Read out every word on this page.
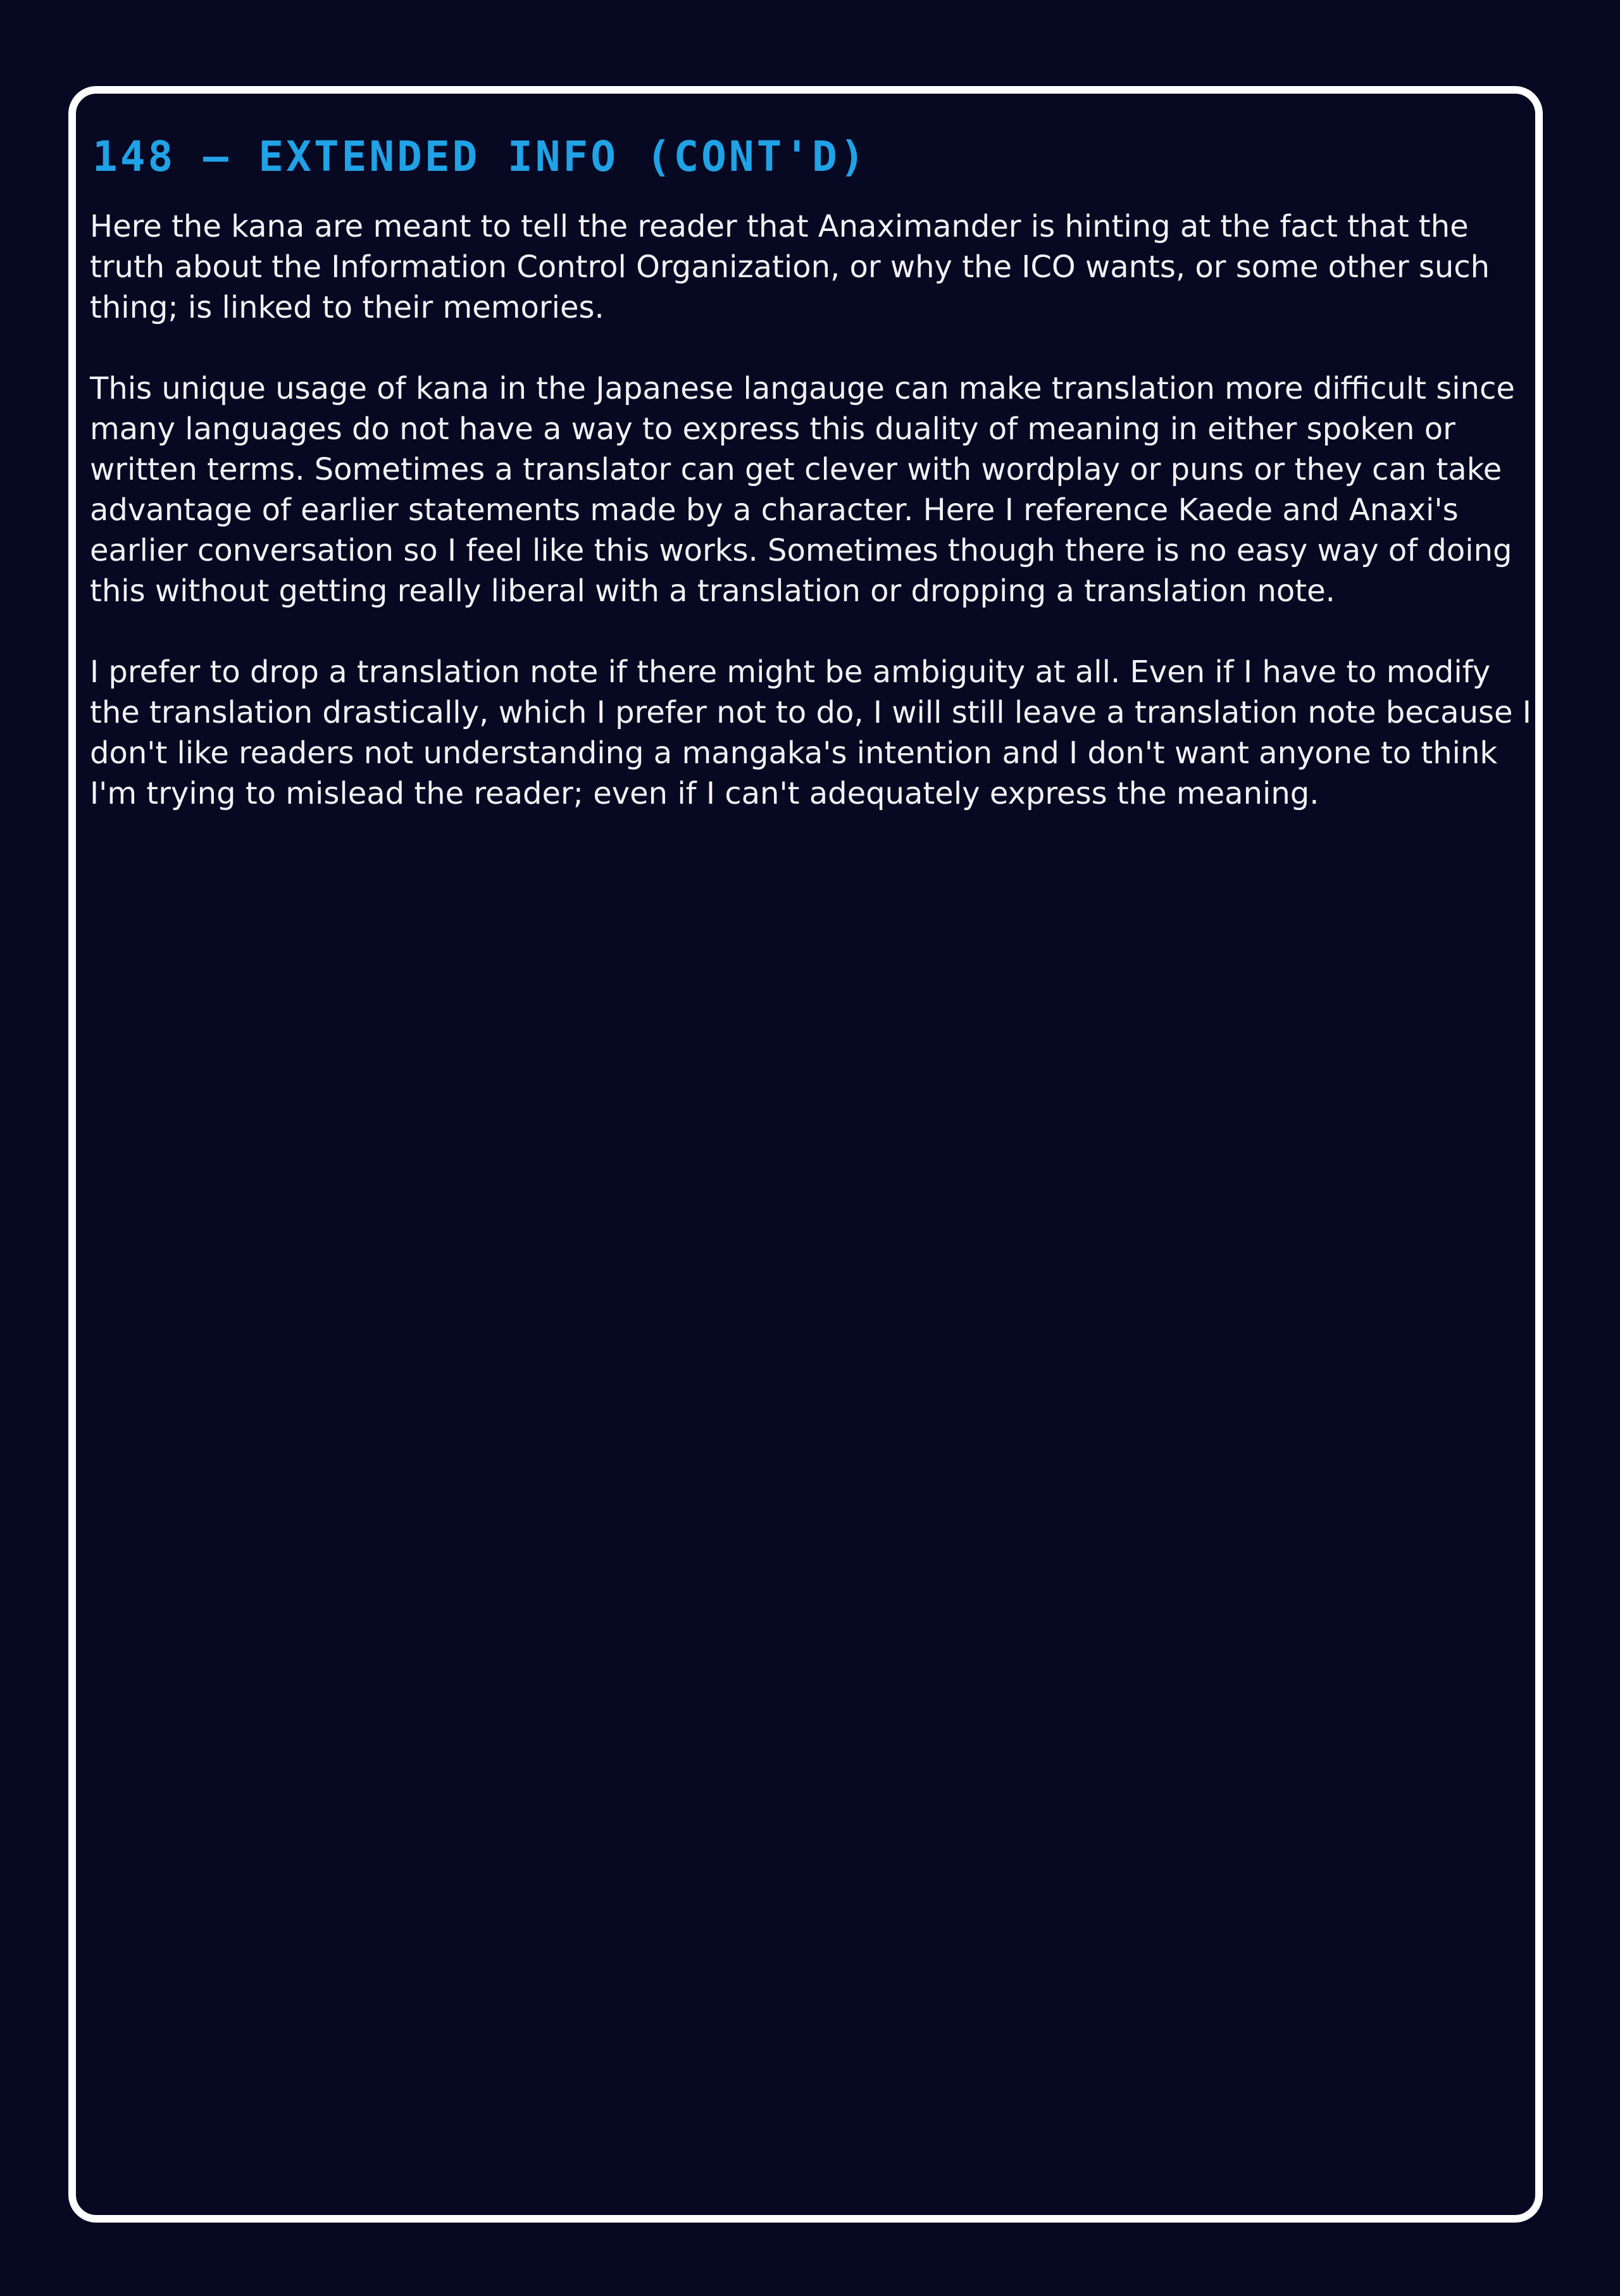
148 – EXTENDED INFO (CONT'D)

Here the kana are meant to tell the reader that Anaximander is hinting at the fact that the truth about the Information Control Organization, or why the ICO wants, or some other such thing; is linked to their memories.

This unique usage of kana in the Japanese langauge can make translation more difficult since many languages do not have a way to express this duality of meaning in either spoken or written terms. Sometimes a translator can get clever with wordplay or puns or they can take advantage of earlier statements made by a character. Here I reference Kaede and Anaxi's earlier conversation so I feel like this works. Sometimes though there is no easy way of doing this without getting really liberal with a translation or dropping a translation note.

I prefer to drop a translation note if there might be ambiguity at all. Even if I have to modify the translation drastically, which I prefer not to do, I will still leave a translation note because I don't like readers not understanding a mangaka's intention and I don't want anyone to think I'm trying to mislead the reader; even if I can't adequately express the meaning.
